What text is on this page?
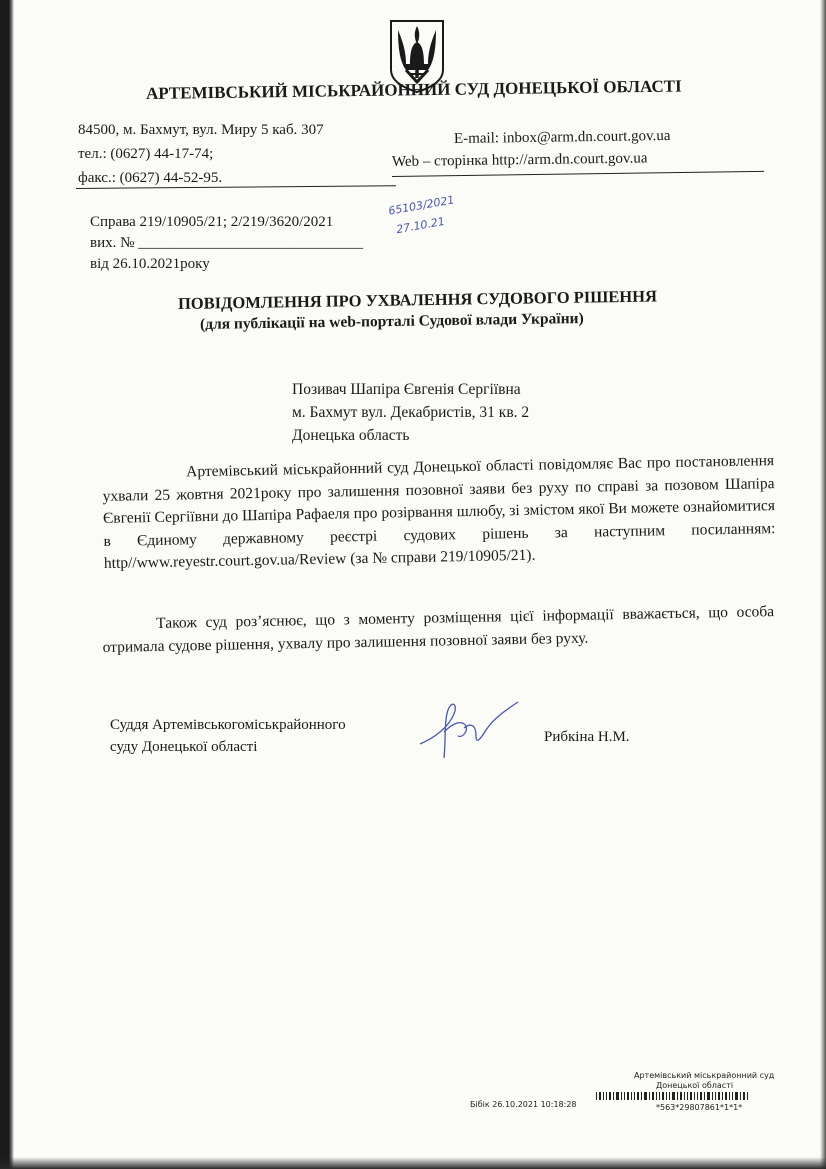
АРТЕМІВСЬКИЙ МІСЬКРАЙОННИЙ СУД ДОНЕЦЬКОЇ ОБЛАСТІ
84500, м. Бахмут, вул. Миру 5 каб. 307
тел.: (0627) 44-17-74;
факс.: (0627) 44-52-95.
E-mail: inbox@arm.dn.court.gov.ua
Web – сторінка http://arm.dn.court.gov.ua
Справа 219/10905/21; 2/219/3620/2021
вих. № ______________________________
від 26.10.2021року
65103/2021
27.10.21
ПОВІДОМЛЕННЯ ПРО УХВАЛЕННЯ СУДОВОГО РІШЕННЯ
(для публікації на web-порталі Судової влади України)
Позивач Шапіра Євгенія Сергіївна
м. Бахмут вул. Декабристів, 31 кв. 2
Донецька область
Артемівський міськрайонний суд Донецької області повідомляє Вас про постановлення ухвали 25 жовтня 2021року про залишення позовної заяви без руху по справі за позовом Шапіра Євгенії Сергіївни до Шапіра Рафаеля про розірвання шлюбу, зі змістом якої Ви можете ознайомитися в Єдиному державному реєстрі судових рішень за наступним посиланням: http//www.reyestr.court.gov.ua/Review (за № справи 219/10905/21).
Також суд роз’яснює, що з моменту розміщення цієї інформації вважається, що особа отримала судове рішення, ухвалу про залишення позовної заяви без руху.
Суддя Артемівськогоміськрайонного
суду Донецької області
Рибкіна Н.М.
Артемівський міськрайонний суд
Донецької області
Бібік 26.10.2021 10:18:28	*563*29807861*1*1*
